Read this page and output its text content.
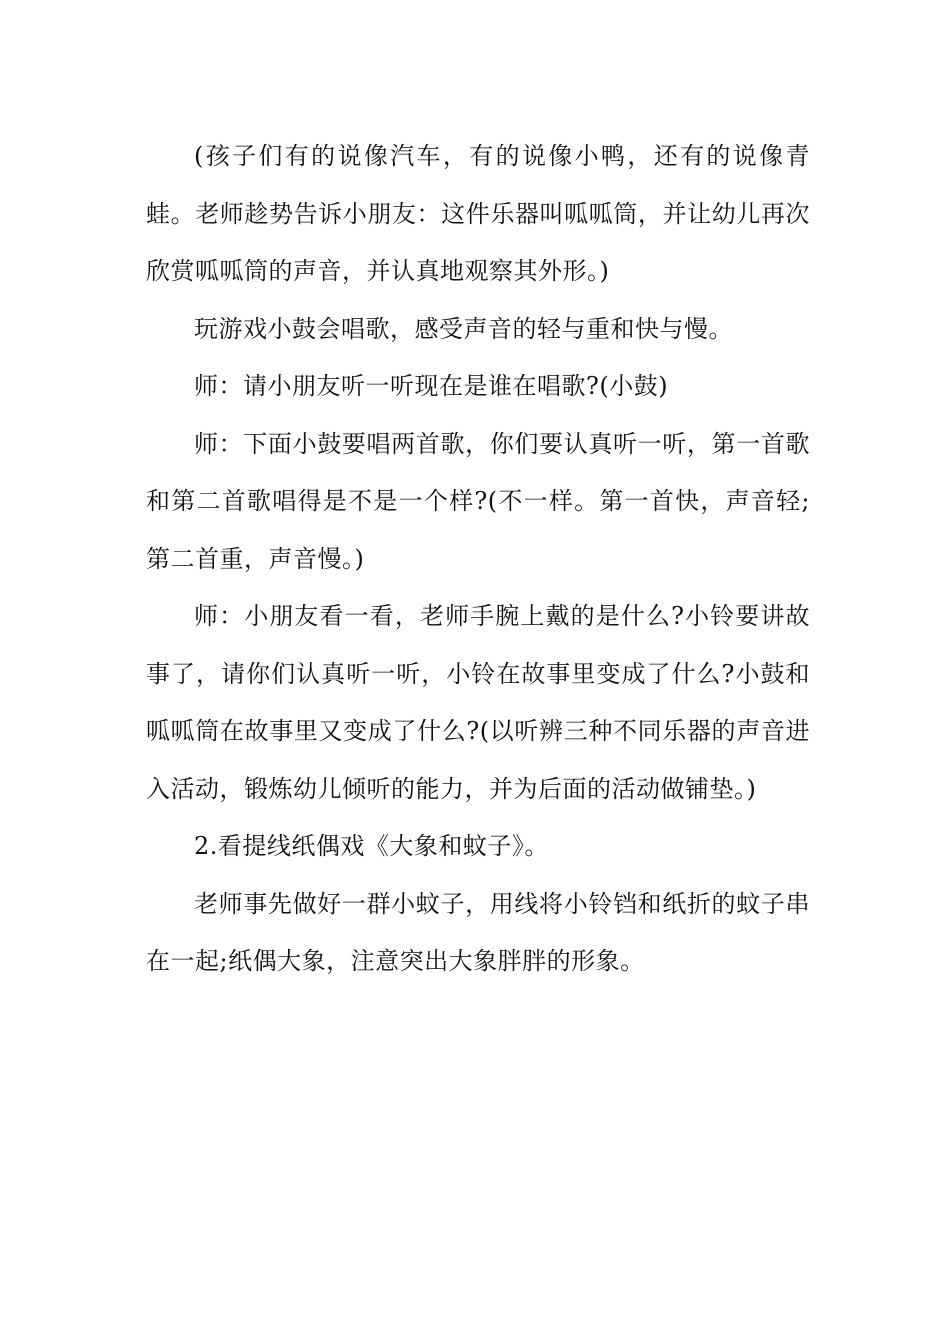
(孩子们有的说像汽车，有的说像小鸭，还有的说像青蛙。老师趁势告诉小朋友：这件乐器叫呱呱筒，并让幼儿再次欣赏呱呱筒的声音，并认真地观察其外形。)

玩游戏小鼓会唱歌，感受声音的轻与重和快与慢。

师：请小朋友听一听现在是谁在唱歌?(小鼓)

师：下面小鼓要唱两首歌，你们要认真听一听，第一首歌和第二首歌唱得是不是一个样?(不一样。第一首快，声音轻;第二首重，声音慢。)

师：小朋友看一看，老师手腕上戴的是什么?小铃要讲故事了，请你们认真听一听，小铃在故事里变成了什么?小鼓和呱呱筒在故事里又变成了什么?(以听辨三种不同乐器的声音进入活动，锻炼幼儿倾听的能力，并为后面的活动做铺垫。)

2.看提线纸偶戏《大象和蚊子》。

老师事先做好一群小蚊子，用线将小铃铛和纸折的蚊子串在一起;纸偶大象，注意突出大象胖胖的形象。
